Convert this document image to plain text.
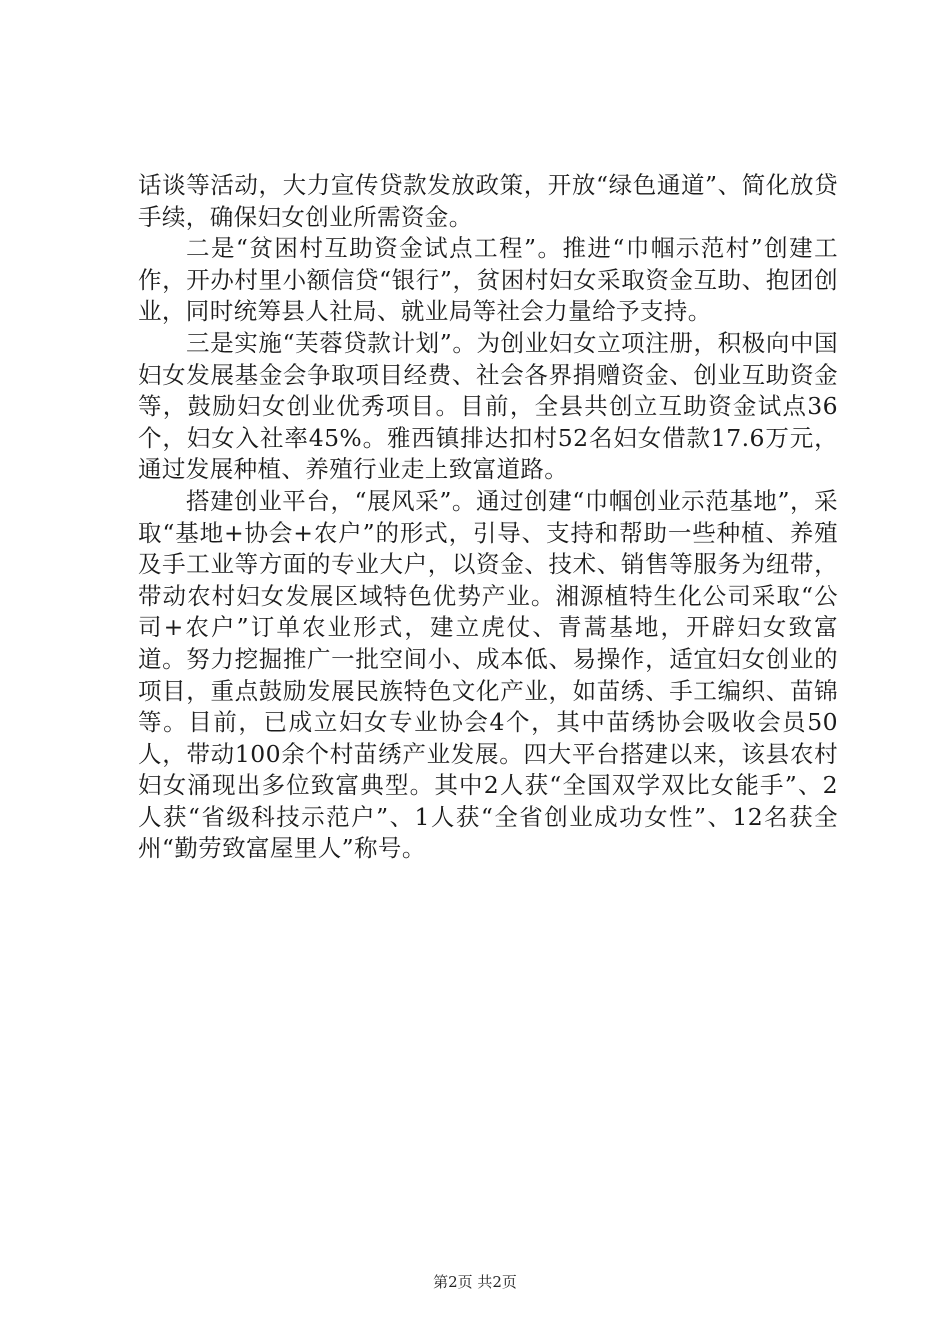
话谈等活动，大力宣传贷款发放政策，开放“绿色通道”、简化放贷手续，确保妇女创业所需资金。

二是“贫困村互助资金试点工程”。推进“巾帼示范村”创建工作，开办村里小额信贷“银行”，贫困村妇女采取资金互助、抱团创业，同时统筹县人社局、就业局等社会力量给予支持。

三是实施“芙蓉贷款计划”。为创业妇女立项注册，积极向中国妇女发展基金会争取项目经费、社会各界捐赠资金、创业互助资金等，鼓励妇女创业优秀项目。目前，全县共创立互助资金试点36个，妇女入社率45%。雅西镇排达扣村52名妇女借款17.6万元，通过发展种植、养殖行业走上致富道路。

搭建创业平台，“展风采”。通过创建“巾帼创业示范基地”，采取“基地+协会+农户”的形式，引导、支持和帮助一些种植、养殖及手工业等方面的专业大户，以资金、技术、销售等服务为纽带，带动农村妇女发展区域特色优势产业。湘源植特生化公司采取“公司+农户”订单农业形式，建立虎仗、青蒿基地，开辟妇女致富道。努力挖掘推广一批空间小、成本低、易操作，适宜妇女创业的项目，重点鼓励发展民族特色文化产业，如苗绣、手工编织、苗锦等。目前，已成立妇女专业协会4个，其中苗绣协会吸收会员50人，带动100余个村苗绣产业发展。四大平台搭建以来，该县农村妇女涌现出多位致富典型。其中2人获“全国双学双比女能手”、2人获“省级科技示范户”、1人获“全省创业成功女性”、12名获全州“勤劳致富屋里人”称号。

第2页 共2页
